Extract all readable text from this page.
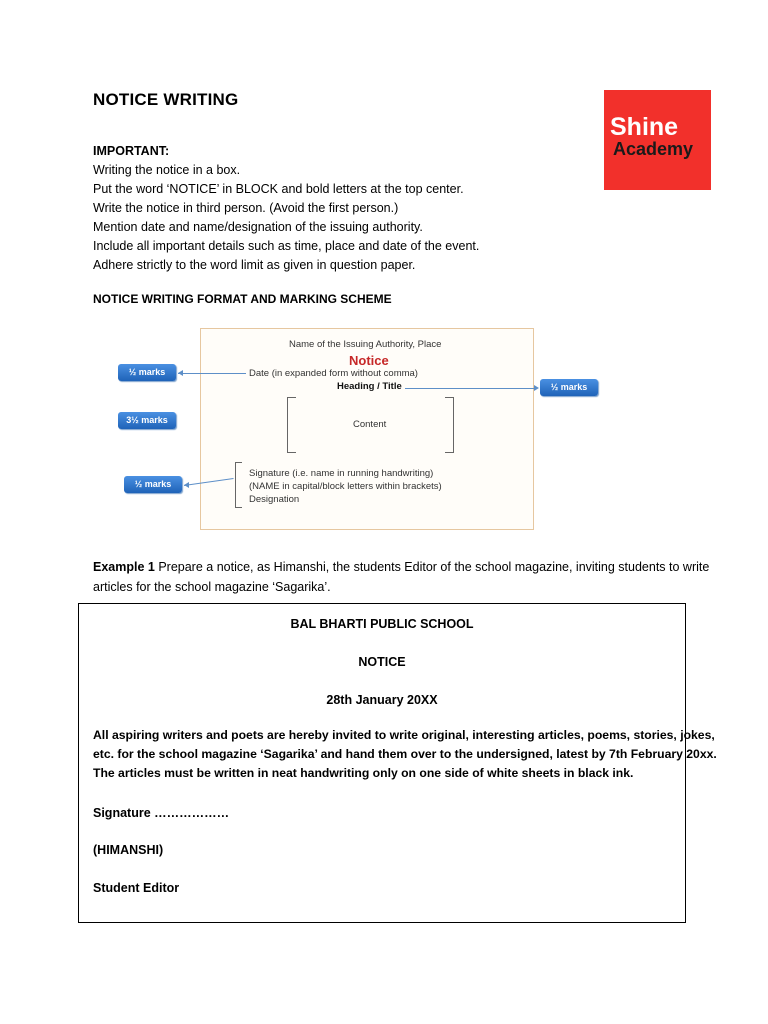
NOTICE WRITING
Shine
Academy
IMPORTANT:
Writing the notice in a box.
Put the word ‘NOTICE’ in BLOCK and bold letters at the top center.
Write the notice in third person. (Avoid the first person.)
Mention date and name/designation of the issuing authority.
Include all important details such as time, place and date of the event.
Adhere strictly to the word limit as given in question paper.
NOTICE WRITING FORMAT AND MARKING SCHEME
Name of the Issuing Authority, Place
Notice
Date (in expanded form without comma)
Heading / Title
Content
Signature (i.e. name in running handwriting)
(NAME in capital/block letters within brackets)
Designation
½ marks
3½ marks
½ marks
½ marks
Example 1 Prepare a notice, as Himanshi, the students Editor of the school magazine, inviting students to write articles for the school magazine ‘Sagarika’.
BAL BHARTI PUBLIC SCHOOL
NOTICE
28th January 20XX
All aspiring writers and poets are hereby invited to write original, interesting articles, poems, stories, jokes, etc. for the school magazine ‘Sagarika’ and hand them over to the undersigned, latest by 7th February 20xx. The articles must be written in neat handwriting only on one side of white sheets in black ink.
Signature ………………
(HIMANSHI)
Student Editor
